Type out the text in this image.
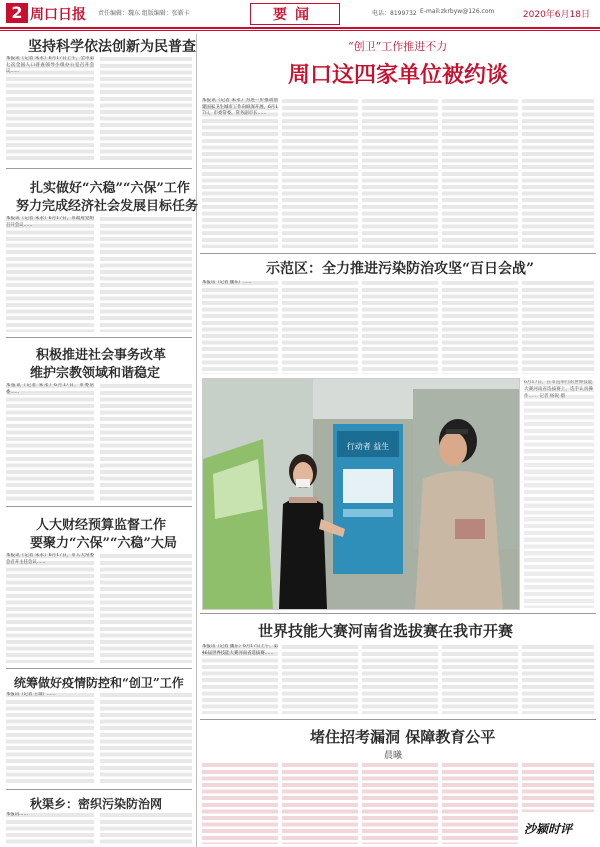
2 周口日报 责任编辑：魏东 组版编辑：张靳卡	要闻	电话：8199732 E-mail:zkrbyw@126.com	2020年6月18日
坚持科学依法创新为民普查
本报讯（记者 朱永）6月17日上午，全市第七次全国人口普查领导小组办公室召开会议……
扎实做好“六稳”“六保”工作
努力完成经济社会发展目标任务
本报讯（记者 朱永）6月17日，市政府党组召开会议……
积极推进社会事务改革
维护宗教领域和谐稳定
本报讯（记者 朱永）6月17日，市委常委……
人大财经预算监督工作
要聚力“六保”“六稳”大局
本报讯（记者 朱永）6月17日，市人大常委会召开主任会议……
统筹做好疫情防控和“创卫”工作
本报讯（记者 王瑞）……
秋渠乡：密织污染防治网
本报讯……
“创卫”工作推进不力
周口这四家单位被约谈
本报讯（记者 朱永）为进一步推动创建国家卫生城市工作向纵深开展，6月17日，市委常委、常务副市长……
示范区：全力推进污染防治攻坚“百日会战”
本报讯（记者 魏东）……
行动者 益生
6月17日，在市直举行的世界技能大赛河南省选拔赛上，选手认真操作…… 记者 杨锐 摄
世界技能大赛河南省选拔赛在我市开赛
本报讯（记者 魏东）6月17日上午，第46届世界技能大赛河南省选拔赛……
堵住招考漏洞 保障教育公平
晨曦
沙颍时评
